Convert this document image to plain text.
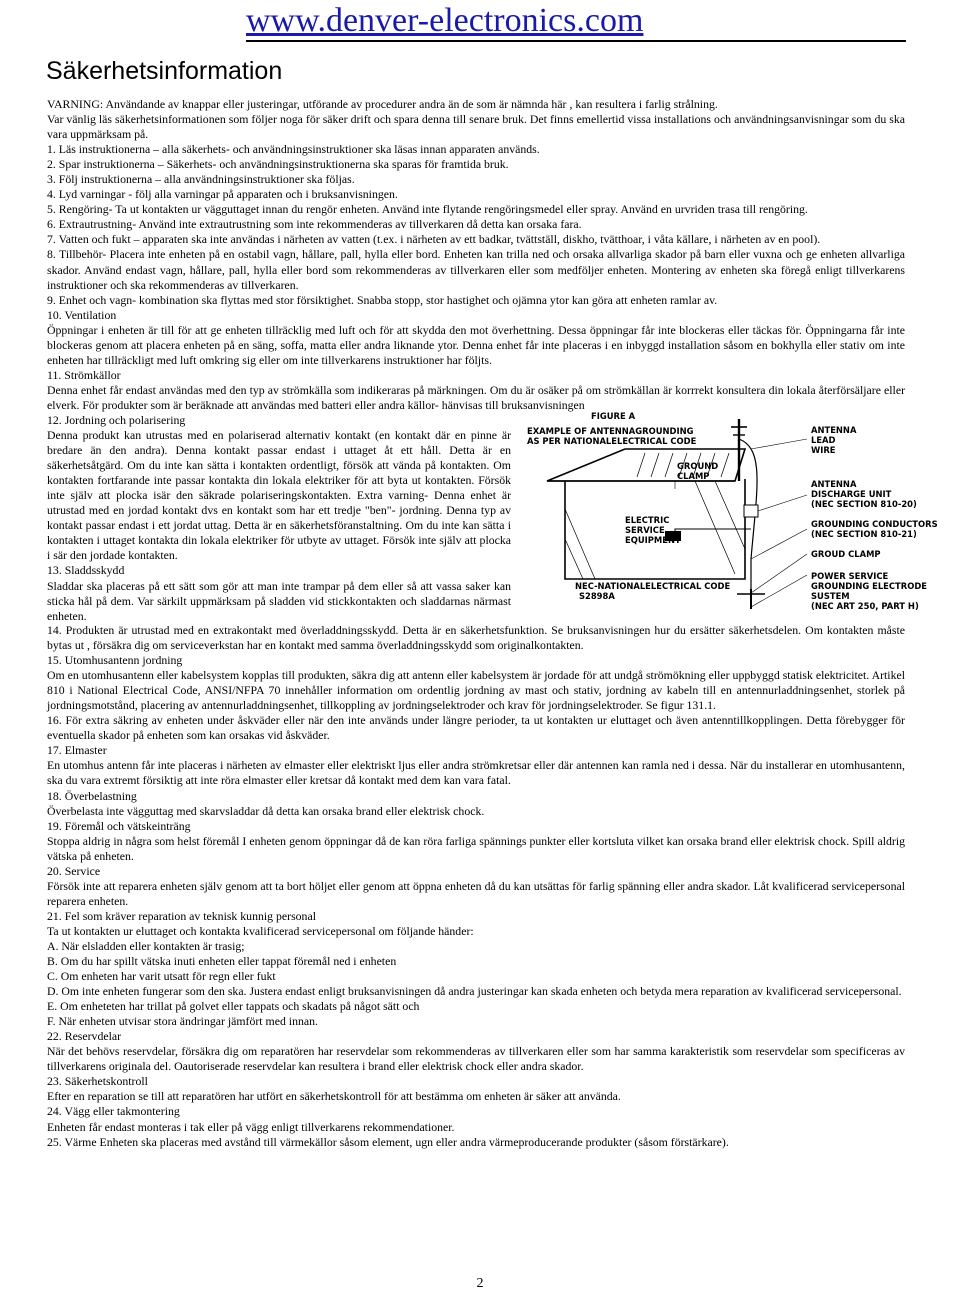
www.denver-electronics.com
Säkerhetsinformation

VARNING: Användande av knappar eller justeringar, utförande av procedurer andra än de som är nämnda här , kan resultera i farlig strålning.

Var vänlig läs säkerhetsinformationen som följer noga för säker drift och spara denna till senare bruk. Det finns emellertid vissa installations och användningsanvisningar som du ska vara uppmärksam på.

1. Läs instruktionerna – alla säkerhets- och användningsinstruktioner ska läsas innan apparaten används.

2. Spar instruktionerna – Säkerhets- och användningsinstruktionerna ska sparas för framtida bruk.

3. Följ instruktionerna – alla användningsinstruktioner ska följas.

4. Lyd varningar - följ alla varningar på apparaten och i bruksanvisningen.

5. Rengöring- Ta ut kontakten ur vägguttaget innan du rengör enheten. Använd inte flytande rengöringsmedel eller spray. Använd en urvriden trasa till rengöring.

6. Extrautrustning- Använd inte extrautrustning som inte rekommenderas av tillverkaren då detta kan orsaka fara.

7. Vatten och fukt – apparaten ska inte användas i närheten av vatten (t.ex. i närheten av ett badkar, tvättställ, diskho, tvätthoar, i våta källare, i närheten av en pool).

8. Tillbehör- Placera inte enheten på en ostabil vagn, hållare, pall, hylla eller bord. Enheten kan trilla ned och orsaka allvarliga skador på barn eller vuxna och ge enheten allvarliga skador. Använd endast vagn, hållare, pall, hylla eller bord som rekommenderas av tillverkaren eller som medföljer enheten. Montering av enheten ska föregå enligt tillverkarens instruktioner och ska rekommenderas av tillverkaren.

9. Enhet och vagn- kombination ska flyttas med stor försiktighet. Snabba stopp, stor hastighet och ojämna ytor kan göra att enheten ramlar av.

10. Ventilation

Öppningar i enheten är till för att ge enheten tillräcklig med luft och för att skydda den mot överhettning. Dessa öppningar får inte blockeras eller täckas för. Öppningarna får inte blockeras genom att placera enheten på en säng, soffa, matta eller andra liknande ytor. Denna enhet får inte placeras i en inbyggd installation såsom en bokhylla eller stativ om inte enheten har tillräckligt med luft omkring sig eller om inte tillverkarens instruktioner har följts.

11. Strömkällor

Denna enhet får endast användas med den typ av strömkälla som indikeraras på märkningen. Om du är osäker på om strömkällan är korrrekt konsultera din lokala återförsäljare eller elverk. För produkter som är beräknade att användas med batteri eller andra källor- hänvisas till bruksanvisningen

12. Jordning och polarisering

Denna produkt kan utrustas med en polariserad alternativ kontakt (en kontakt där en pinne är bredare än den andra). Denna kontakt passar endast i uttaget åt ett håll. Detta är en säkerhetsåtgärd. Om du inte kan sätta i kontakten ordentligt, försök att vända på kontakten. Om kontakten fortfarande inte passar kontakta din lokala elektriker för att byta ut kontakten. Försök inte själv att plocka isär den säkrade polariseringskontakten. Extra varning- Denna enhet är utrustad med en jordad kontakt dvs en kontakt som har ett tredje "ben"- jordning. Denna typ av kontakt passar endast i ett jordat uttag. Detta är en säkerhetsföranstaltning. Om du inte kan sätta i kontakten i uttaget kontakta din lokala elektriker för utbyte av uttaget. Försök inte själv att plocka i sär den jordade kontakten.

13. Sladdsskydd

Sladdar ska placeras på ett sätt som gör att man inte trampar på dem eller så att vassa saker kan sticka hål på dem. Var särkilt uppmärksam på sladden vid stickkontakten och sladdarnas närmast enheten.

FIGURE A
EXAMPLE OF ANTENNAGROUNDING
AS PER NATIONALELECTRICAL CODE
GROUND
CLAMP
ELECTRIC
SERVICE
EQUIPMENT
NEC-NATIONALELECTRICAL CODE
S2898A
ANTENNA
LEAD
WIRE
ANTENNA
DISCHARGE UNIT
(NEC SECTION 810-20)
GROUNDING CONDUCTORS
(NEC SECTION 810-21)
GROUD CLAMP
POWER SERVICE
GROUNDING ELECTRODE
SUSTEM
(NEC ART 250, PART H)

14. Produkten är utrustad med en extrakontakt med överladdningsskydd. Detta är en säkerhetsfunktion. Se bruksanvisningen hur du ersätter säkerhetsdelen. Om kontakten måste bytas ut , försäkra dig om serviceverkstan har en kontakt med samma överladdningsskydd som originalkontakten.

15. Utomhusantenn jordning

Om en utomhusantenn eller kabelsystem kopplas till produkten, säkra dig att antenn eller kabelsystem är jordade för att undgå strömökning eller uppbyggd statisk elektricitet. Artikel 810 i National Electrical Code, ANSI/NFPA 70 innehåller information om ordentlig jordning av mast och stativ, jordning av kabeln till en antennurladdningsenhet, storlek på jordningsmotstånd, placering av antennurladdningsenhet, tillkoppling av jordningselektroder och krav för jordningselektroder. Se figur 131.1.

16. För extra säkring av enheten under åskväder eller när den inte används under längre perioder, ta ut kontakten ur eluttaget och även antenntillkopplingen. Detta förebygger för eventuella skador på enheten som kan orsakas vid åskväder.

17. Elmaster

En utomhus antenn får inte placeras i närheten av elmaster eller elektriskt ljus eller andra strömkretsar eller där antennen kan ramla ned i dessa. När du installerar en utomhusantenn, ska du vara extremt försiktig att inte röra elmaster eller kretsar då kontakt med dem kan vara fatal.

18. Överbelastning

Överbelasta inte vägguttag med skarvsladdar då detta kan orsaka brand eller elektrisk chock.

19. Föremål och vätskeinträng

Stoppa aldrig in några som helst föremål I enheten genom öppningar då de kan röra farliga spännings punkter eller kortsluta vilket kan orsaka brand eller elektrisk chock. Spill aldrig vätska på enheten.

20. Service

Försök inte att reparera enheten själv genom att ta bort höljet eller genom att öppna enheten då du kan utsättas för farlig spänning eller andra skador. Låt kvalificerad servicepersonal reparera enheten.

21. Fel som kräver reparation av teknisk kunnig personal

Ta ut kontakten ur eluttaget och kontakta kvalificerad servicepersonal om följande händer:

A. När elsladden eller kontakten är trasig;

B. Om du har spillt vätska inuti enheten eller tappat föremål ned i enheten

C. Om enheten har varit utsatt för regn eller fukt

D. Om inte enheten fungerar som den ska. Justera endast enligt bruksanvisningen då andra justeringar kan skada enheten och betyda mera reparation av kvalificerad servicepersonal.

E. Om enheteten har trillat på golvet eller tappats och skadats på något sätt och

F. När enheten utvisar stora ändringar jämfört med innan.

22. Reservdelar

När det behövs reservdelar, försäkra dig om reparatören har reservdelar som rekommenderas av tillverkaren eller som har samma karakteristik som reservdelar som specificeras av tillverkarens originala del. Oautoriserade reservdelar kan resultera i brand eller elektrisk chock eller andra skador.

23. Säkerhetskontroll

Efter en reparation se till att reparatören har utfört en säkerhetskontroll för att bestämma om enheten är säker att använda.

24. Vägg eller takmontering

Enheten får endast monteras i tak eller på vägg enligt tillverkarens rekommendationer.

25. Värme Enheten ska placeras med avstånd till värmekällor såsom element, ugn eller andra värmeproducerande produkter (såsom förstärkare).

2
